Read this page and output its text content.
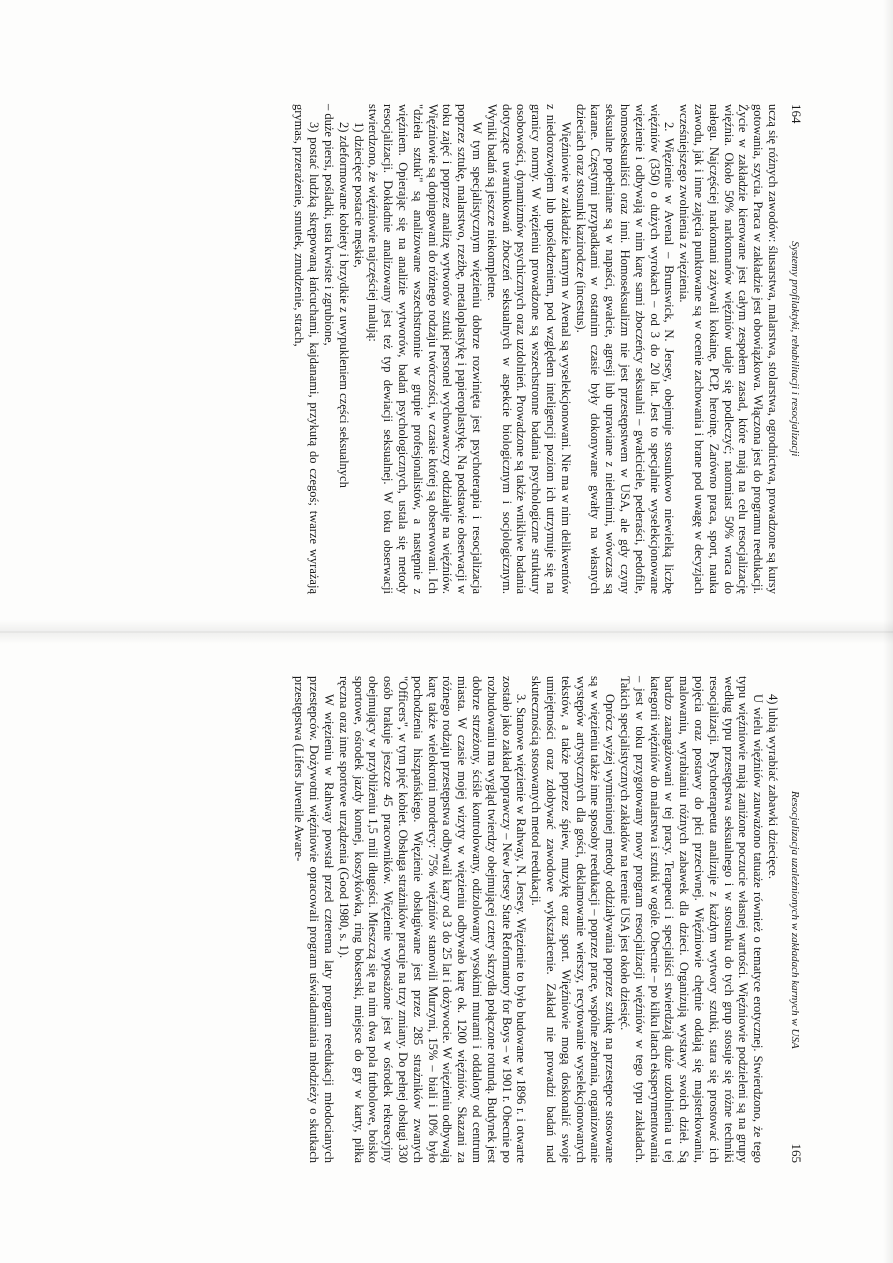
164
Systemy profilaktyki, rehabilitacji i resocjalizacji

uczą się różnych zawodów: ślusarstwa, malarstwa, stolarstwa, ogrodnictwa, prowadzone są kursy gotowania, szycia. Praca w zakładzie jest obowiązkowa. Włączona jest do programu reedukacji. Życie w zakładzie kierowane jest całym zespołem zasad, które mają na celu resocjalizację więźnia. Około 50% narkomanów więźniów udaje się podleczyć; natomiast 50% wraca do nałogu. Najczęściej narkomani zażywali kokainę, PCP, heroinę. Zarówno praca, sport, nauka zawodu, jak i inne zajęcia punktowane są w ocenie zachowania i brane pod uwagę w decyzjach wcześniejszego zwolnienia z więzienia.

2. Więzienie w Avenal – Brunswick, N. Jersey, obejmuje stosunkowo niewielką liczbę więźniów (350) o dużych wyrokach – od 3 do 20 lat. Jest to specjalnie wyselekcjonowane więzienie i odbywają w nim karę sami zboczeńcy seksualni – gwałciciele, pederaści, pedofile, homoseksualiści oraz inni. Homoseksualizm nie jest przestępstwem w USA, ale gdy czyny seksualne popełniane są w napaści, gwałcie, agresji lub uprawiane z nieletnimi, wówczas są karane. Częstymi przypadkami w ostatnim czasie były dokonywane gwałty na własnych dzieciach oraz stosunki kazirodcze (incestus).

Więźniowie w zakładzie karnym w Avenal są wyselekcjonowani. Nie ma w nim delikwentów z niedorozwojem lub upośledzeniem, pod względem inteligencji poziom ich utrzymuje się na granicy normy. W więzieniu prowadzone są wszechstronne badania psychologiczne struktury osobowości, dynamizmów psychicznych oraz uzdolnień. Prowadzone są także wnikliwe badania dotyczące uwarunkowań zboczeń seksualnych w aspekcie biologicznym i socjologicznym. Wyniki badań są jeszcze niekompletne.

W tym specjalistycznym więzieniu dobrze rozwinięta jest psychoterapia i resocjalizacja poprzez sztukę, malarstwo, rzeźbę, metaloplastykę i papieroplastykę. Na podstawie obserwacji w toku zajęć i poprzez analizę wytworów sztuki personel wychowawczy oddziałuje na więźniów. Więźniowie są dopingowani do różnego rodzaju twórczości, w czasie której są obserwowani. Ich "dzieła sztuki" są analizowane wszechstronnie w grupie profesjonalistów, a następnie z więźniem. Opierając się na analizie wytworów, badań psychologicznych, ustala się metody resocjalizacji. Dokładnie analizowany jest też typ dewiacji seksualnej. W toku obserwacji stwierdzono, że więźniowie najczęściej malują:

1) dziecięce postacie męskie,

2) zdeformowane kobiety i brzydkie z uwypukleniem części seksualnych

– duże piersi, pośladki, usta krwiste i zgrubione,

3) postać ludzką skrępowaną łańcuchami, kajdanami, przykutą do czegoś; twarze wyrażają grymas, przerażenie, smutek, zmudzenie, strach,

Resocjalizacja uzależnionych w zakładach karnych w USA
165

4) lubią wyrabiać zabawki dziecięce.

U wielu więźniów zauważono tatuaże również o tematyce erotycznej. Stwierdzono, że tego typu więźniowie mają zaniżone poczucie własnej wartości. Więźniowie podzieleni są na grupy według typu przestępstwa seksualnego i w stosunku do tych grup stosuje się różne techniki resocjalizacji. Psychoterapeuta analizuje z każdym wytwory sztuki, stara się prostować ich pojęcia oraz postawy do płci przeciwnej. Więźniowie chętnie oddają się majsterkowaniu, malowaniu, wyrabianiu różnych zabawek dla dzieci. Organizują wystawy swoich dzieł. Są bardzo zaangażowani w tej pracy. Terapeuci i specjaliści stwierdzają duże uzdolnienia u tej kategorii więźniów do malarstwa i sztuki w ogóle. Obecnie – po kilku latach eksperymentowania – jest w toku przygotowany nowy program resocjalizacji więźniów w tego typu zakładach. Takich specjalistycznych zakładów na terenie USA jest około dziesięć.

Oprócz wyżej wymienionej metody oddziaływania poprzez sztukę na przestępce stosowane są w więzieniu także inne sposoby reedukacji – poprzez pracę, wspólne zebrania, organizowanie występów artystycznych dla gości, deklamowanie wierszy, recytowanie wyselekcjonowanych tekstów, a także poprzez śpiew, muzykę oraz sport. Więźniowie mogą doskonalić swoje umiejętności oraz zdobywać zawodowe wykształcenie. Zakład nie prowadzi badań nad skutecznością stosowanych metod reedukacji.

3. Stanowe więzienie w Rahway, N. Jersey. Więzienie to było budowane w 1896 r. i otwarte zostało jako zakład poprawczy – New Jersey State Reformatory for Boys – w 1901 r. Obecnie po rozbudowaniu ma wygląd twierdzy obejmującej cztery skrzydła połączone rotundą. Budynek jest dobrze strzeżony, ściśle kontrolowany, odizolowany wysokimi murami i oddalony od centrum miasta. W czasie mojej wizyty w więzieniu odbywało karę ok. 1200 więźniów. Skazani za różnego rodzaju przestępstwa odbywali kary od 3 do 25 lat i dożywocie. W więzieniu odbywają karę także wielokrotni mordercy: 75% więźniów stanowili Murzyni, 15% – biali i 10% było pochodzenia hiszpańskiego. Więzienie obsługiwane jest przez 285 strażników zwanych "Officers", w tym pięć kobiet. Obsługa strażników pracuje na trzy zmiany. Do pełnej obsługi 330 osób brakuje jeszcze 45 pracowników. Więzienie wyposażone jest w ośrodek rekreacyjny obejmujący w przybliżeniu 1,5 mili długości. Mieszczą się na nim dwa pola futbolowe, boisko sportowe, ośrodek jazdy konnej, koszykówka, ring bokserski, miejsce do gry w karty, piłka ręczna oraz inne sportowe urządzenia (Good 1980, s. 1).

W więzieniu w Rahway powstał przed czterema laty program reedukacji młodocianych przestępców. Dożywotni więźniowie opracowali program uświadamiania młodzieży o skutkach przestępstwa (Lifers Juvenile Aware-
